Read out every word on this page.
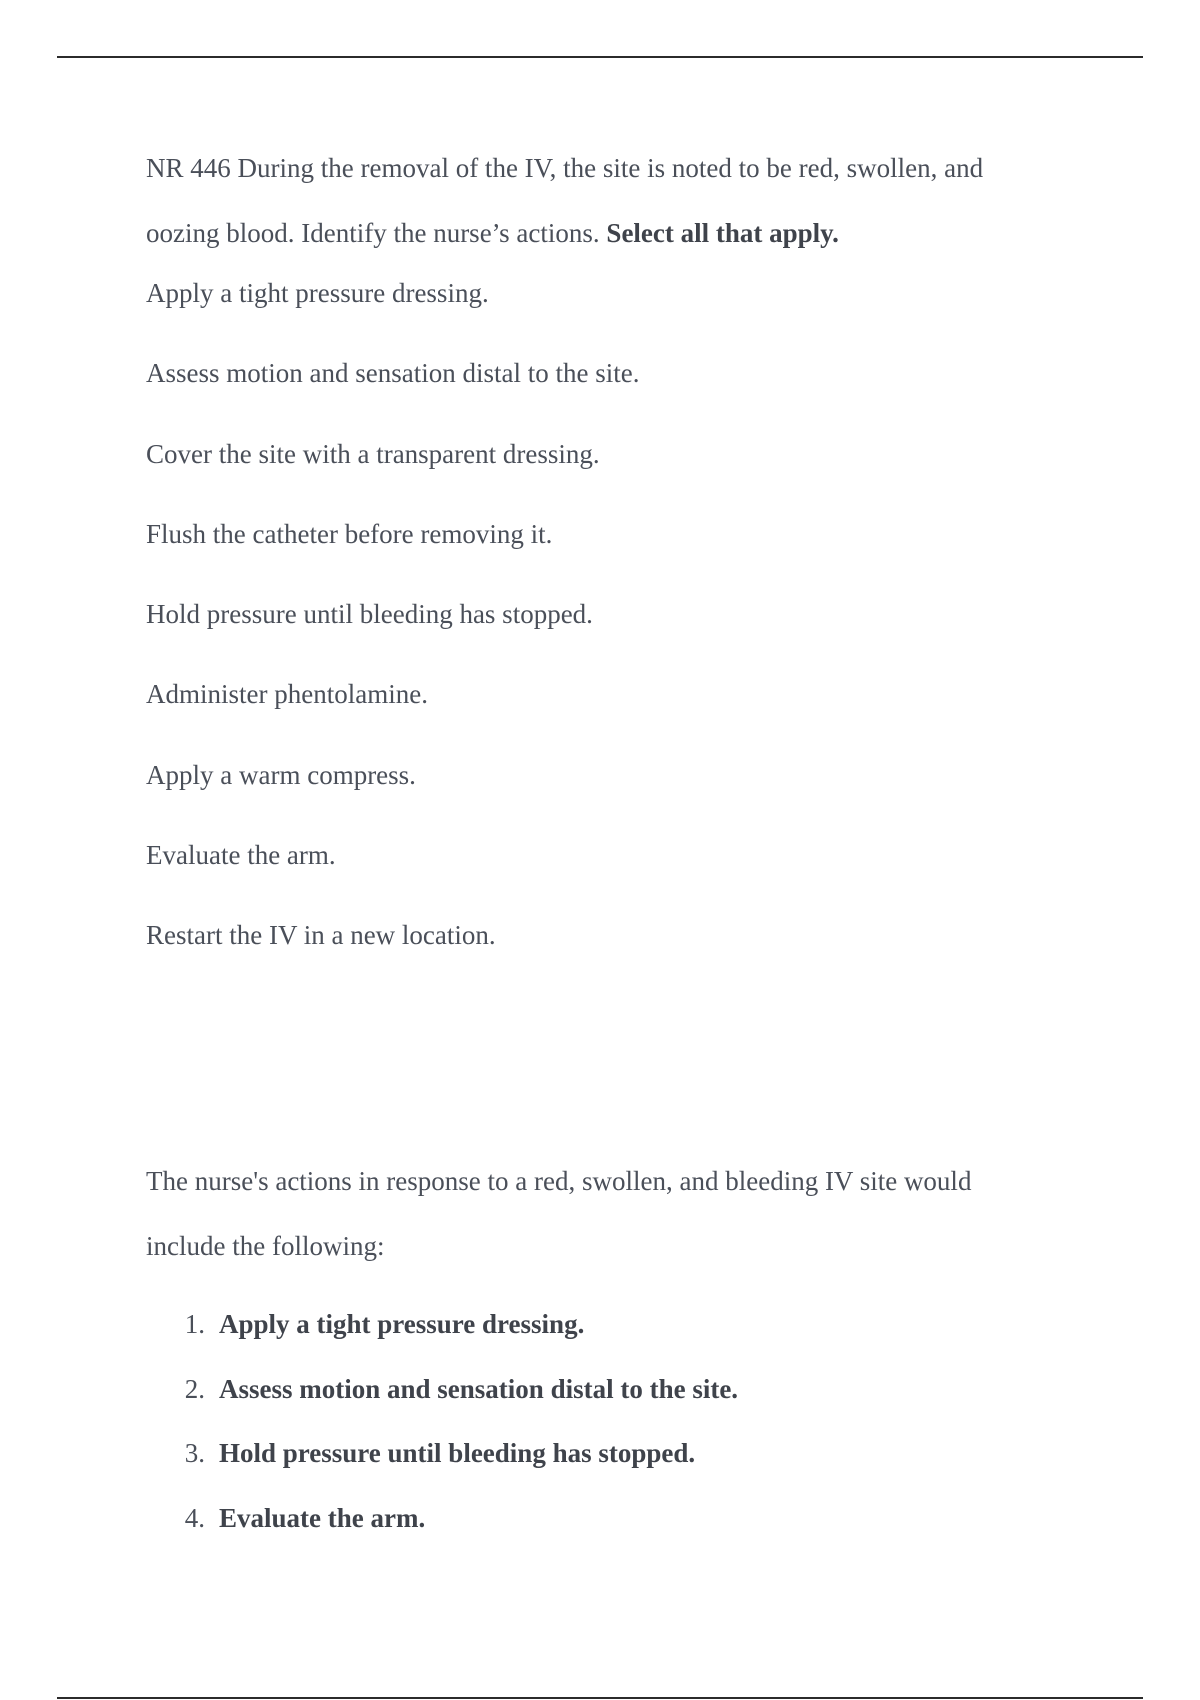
NR 446 During the removal of the IV, the site is noted to be red, swollen, and oozing blood. Identify the nurse’s actions. Select all that apply.

Apply a tight pressure dressing.
Assess motion and sensation distal to the site.
Cover the site with a transparent dressing.
Flush the catheter before removing it.
Hold pressure until bleeding has stopped.
Administer phentolamine.
Apply a warm compress.
Evaluate the arm.
Restart the IV in a new location.

The nurse's actions in response to a red, swollen, and bleeding IV site would include the following:

1. Apply a tight pressure dressing.
2. Assess motion and sensation distal to the site.
3. Hold pressure until bleeding has stopped.
4. Evaluate the arm.
